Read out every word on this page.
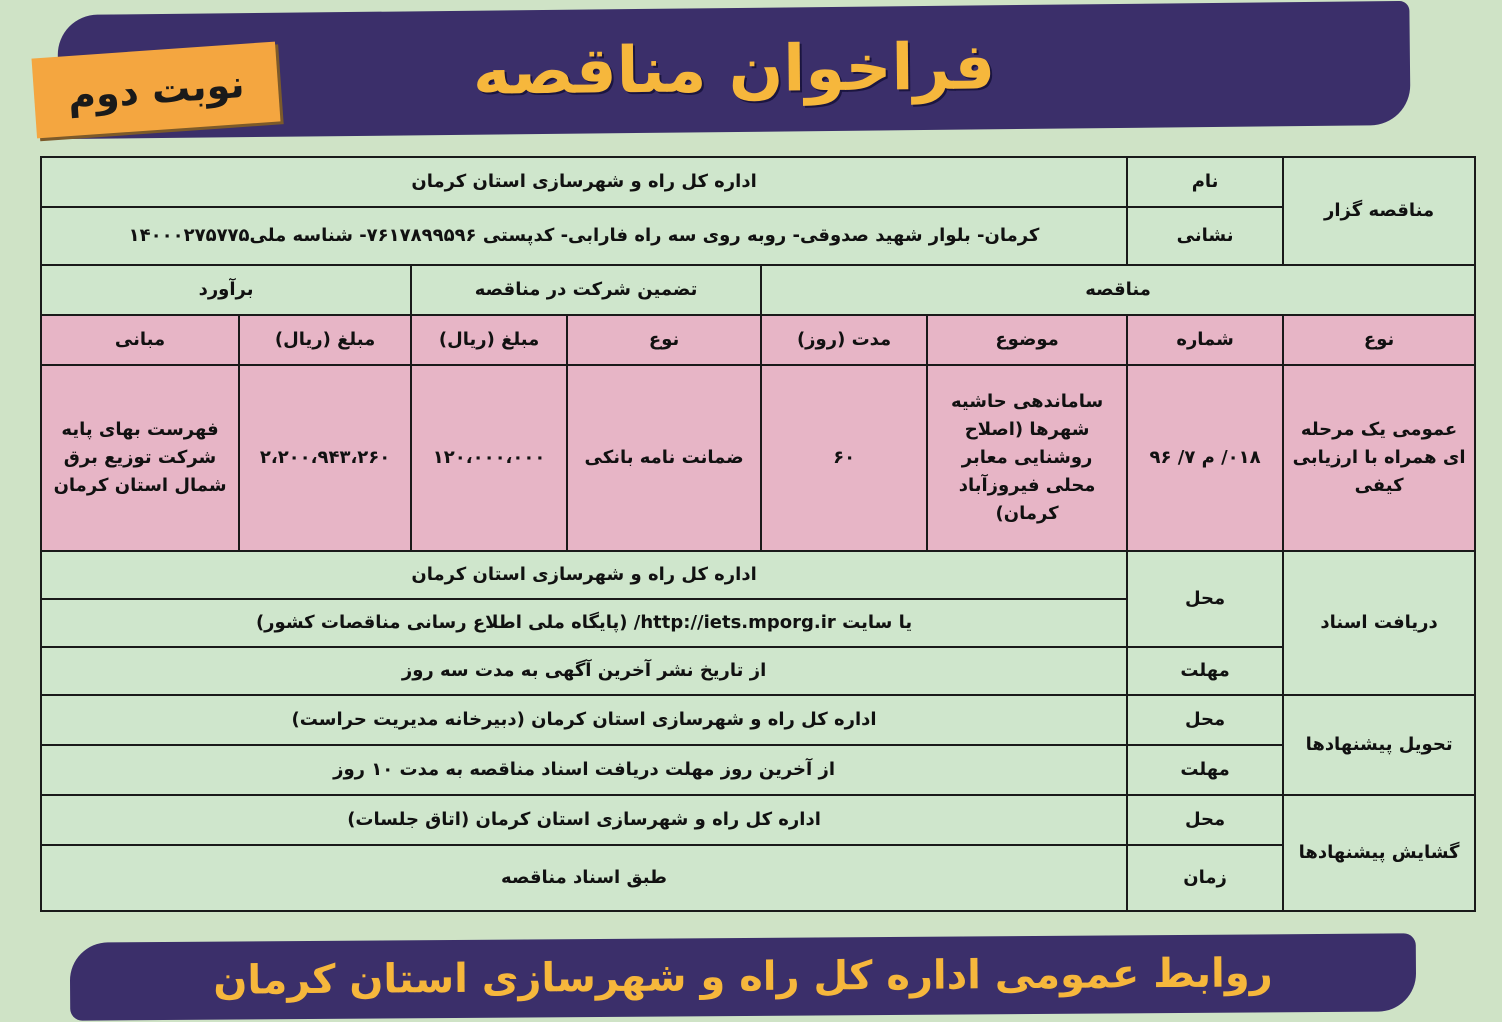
فراخوان مناقصه
نوبت دوم
مناقصه گزار	نام	اداره کل راه و شهرسازی استان کرمان					
	نشانی	کرمان- بلوار شهید صدوقی- روبه روی سه راه فارابی- کدپستی ۷۶۱۷۸۹۹۵۹۶- شناسه ملی۱۴۰۰۰۲۷۵۷۷۵					
مناقصه				تضمین شرکت در مناقصه		برآورد	
نوع	شماره	موضوع	مدت (روز)	نوع	مبلغ (ریال)	مبلغ (ریال)	مبانی
عمومی یک مرحله ای همراه با ارزیابی کیفی	۰۱۸/ م ۷/ ۹۶	ساماندهی حاشیه شهرها (اصلاح روشنایی معابر محلی فیروزآباد کرمان)	۶۰	ضمانت نامه بانکی	۱۲۰،۰۰۰،۰۰۰	۲،۲۰۰،۹۴۳،۲۶۰	فهرست بهای پایه شرکت توزیع برق شمال استان کرمان
دریافت اسناد	محل	اداره کل راه و شهرسازی استان کرمان					
		یا سایت http://iets.mporg.ir/ (پایگاه ملی اطلاع رسانی مناقصات کشور)					
	مهلت	از تاریخ نشر آخرین آگهی به مدت سه روز					
تحویل پیشنهادها	محل	اداره کل راه و شهرسازی استان کرمان (دبیرخانه مدیریت حراست)					
	مهلت	از آخرین روز مهلت دریافت اسناد مناقصه به مدت ۱۰ روز					
گشایش پیشنهادها	محل	اداره کل راه و شهرسازی استان کرمان (اتاق جلسات)					
	زمان	طبق اسناد مناقصه					
روابط عمومی اداره کل راه و شهرسازی استان کرمان
